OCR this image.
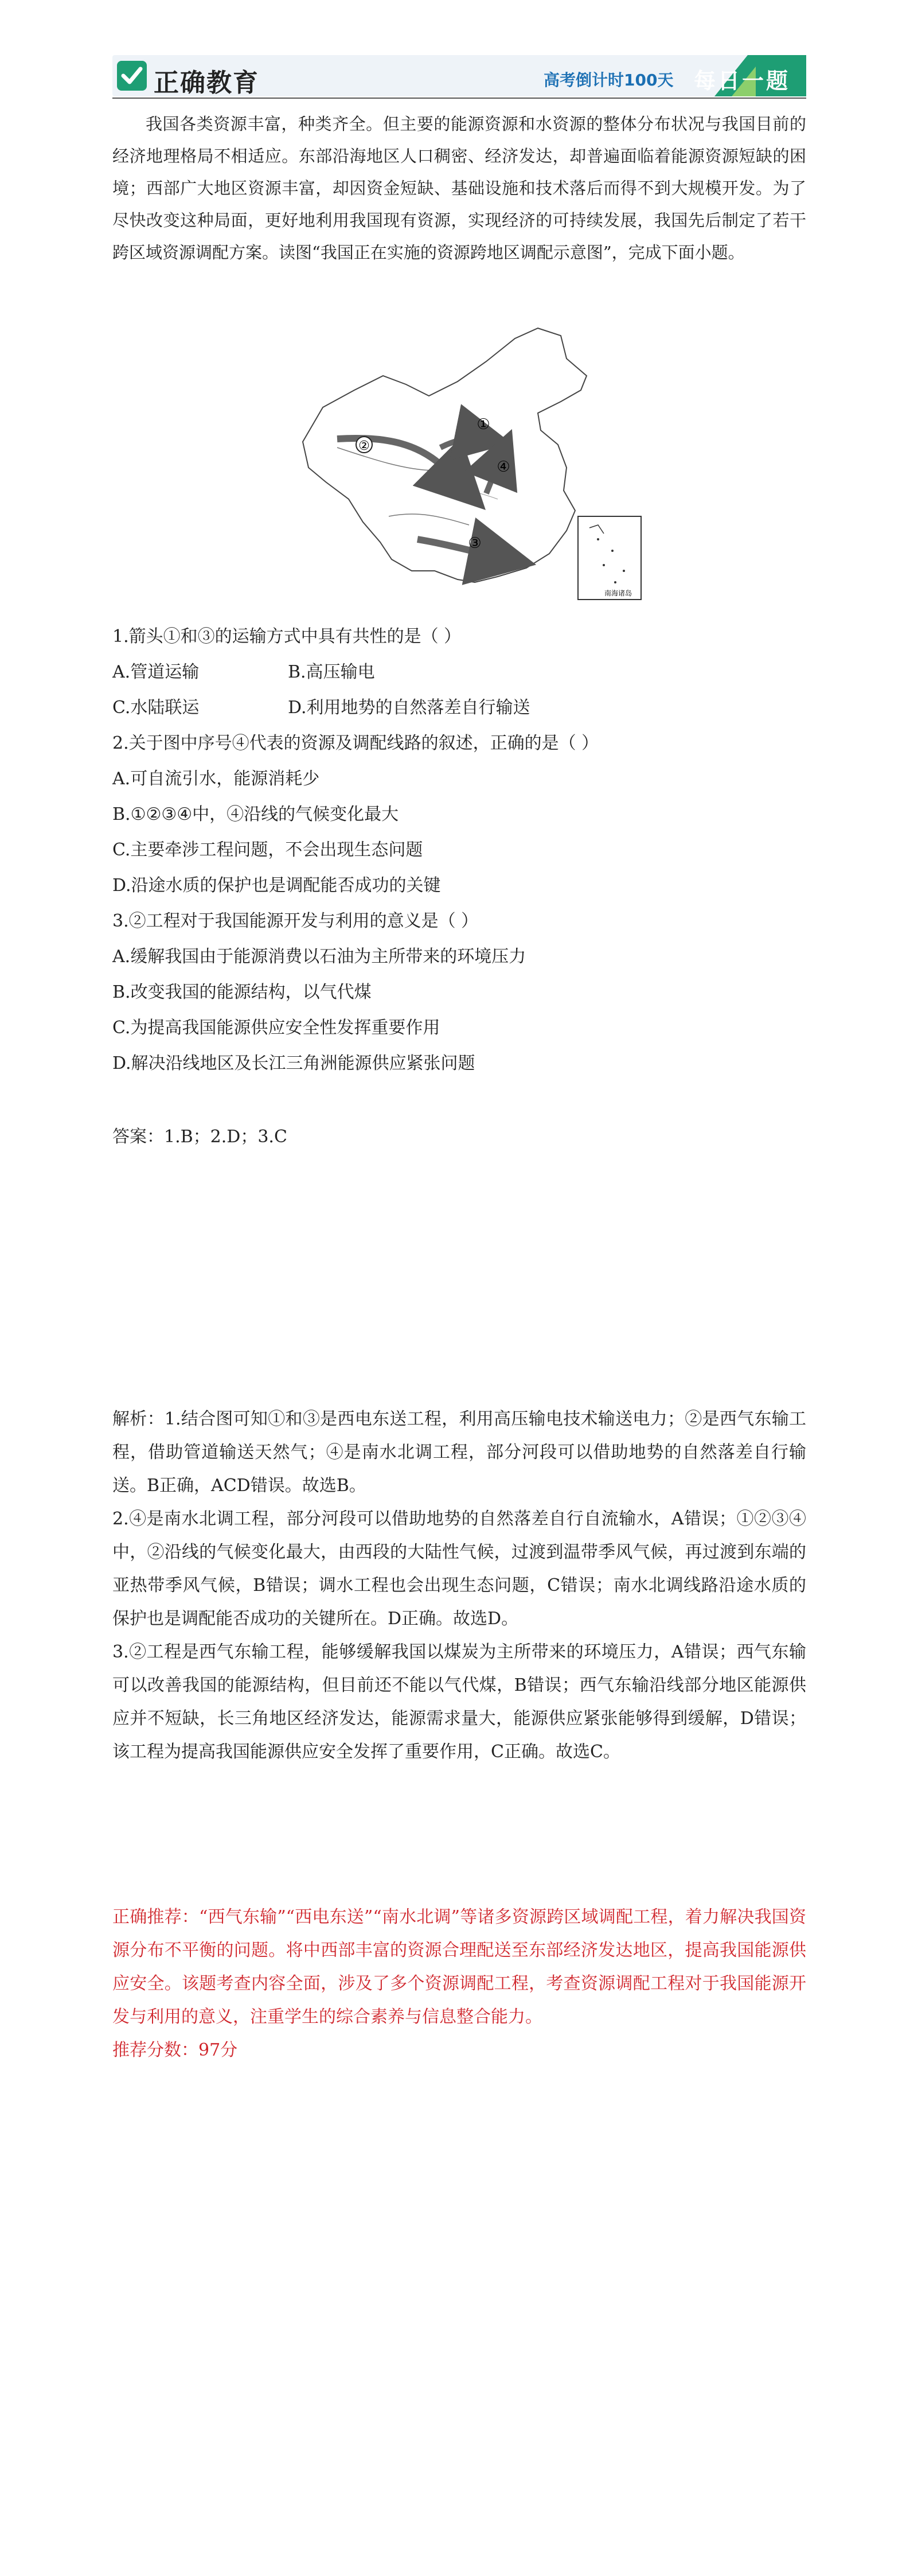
正确教育	高考倒计时100天 每日一题
我国各类资源丰富，种类齐全。但主要的能源资源和水资源的整体分布状况与我国目前的经济地理格局不相适应。东部沿海地区人口稠密、经济发达，却普遍面临着能源资源短缺的困境；西部广大地区资源丰富，却因资金短缺、基础设施和技术落后而得不到大规模开发。为了尽快改变这种局面，更好地利用我国现有资源，实现经济的可持续发展，我国先后制定了若干跨区域资源调配方案。读图“我国正在实施的资源跨地区调配示意图”，完成下面小题。
②
①
④
③
南海诸岛
1.箭头①和③的运输方式中具有共性的是（ ）
A.管道运输	B.高压输电
C.水陆联运	D.利用地势的自然落差自行输送
2.关于图中序号④代表的资源及调配线路的叙述，正确的是（ ）
A.可自流引水，能源消耗少
B.①②③④中，④沿线的气候变化最大
C.主要牵涉工程问题，不会出现生态问题
D.沿途水质的保护也是调配能否成功的关键
3.②工程对于我国能源开发与利用的意义是（ ）
A.缓解我国由于能源消费以石油为主所带来的环境压力
B.改变我国的能源结构，以气代煤
C.为提高我国能源供应安全性发挥重要作用
D.解决沿线地区及长江三角洲能源供应紧张问题
答案：1.B；2.D；3.C
解析：1.结合图可知①和③是西电东送工程，利用高压输电技术输送电力；②是西气东输工程，借助管道输送天然气；④是南水北调工程，部分河段可以借助地势的自然落差自行输送。B正确，ACD错误。故选B。
2.④是南水北调工程，部分河段可以借助地势的自然落差自行自流输水，A错误；①②③④中，②沿线的气候变化最大，由西段的大陆性气候，过渡到温带季风气候，再过渡到东端的亚热带季风气候，B错误；调水工程也会出现生态问题，C错误；南水北调线路沿途水质的保护也是调配能否成功的关键所在。D正确。故选D。
3.②工程是西气东输工程，能够缓解我国以煤炭为主所带来的环境压力，A错误；西气东输可以改善我国的能源结构，但目前还不能以气代煤，B错误；西气东输沿线部分地区能源供应并不短缺，长三角地区经济发达，能源需求量大，能源供应紧张能够得到缓解，D错误；该工程为提高我国能源供应安全发挥了重要作用，C正确。故选C。
正确推荐：“西气东输”“西电东送”“南水北调”等诸多资源跨区域调配工程，着力解决我国资源分布不平衡的问题。将中西部丰富的资源合理配送至东部经济发达地区，提高我国能源供应安全。该题考查内容全面，涉及了多个资源调配工程，考查资源调配工程对于我国能源开发与利用的意义，注重学生的综合素养与信息整合能力。
推荐分数：97分
